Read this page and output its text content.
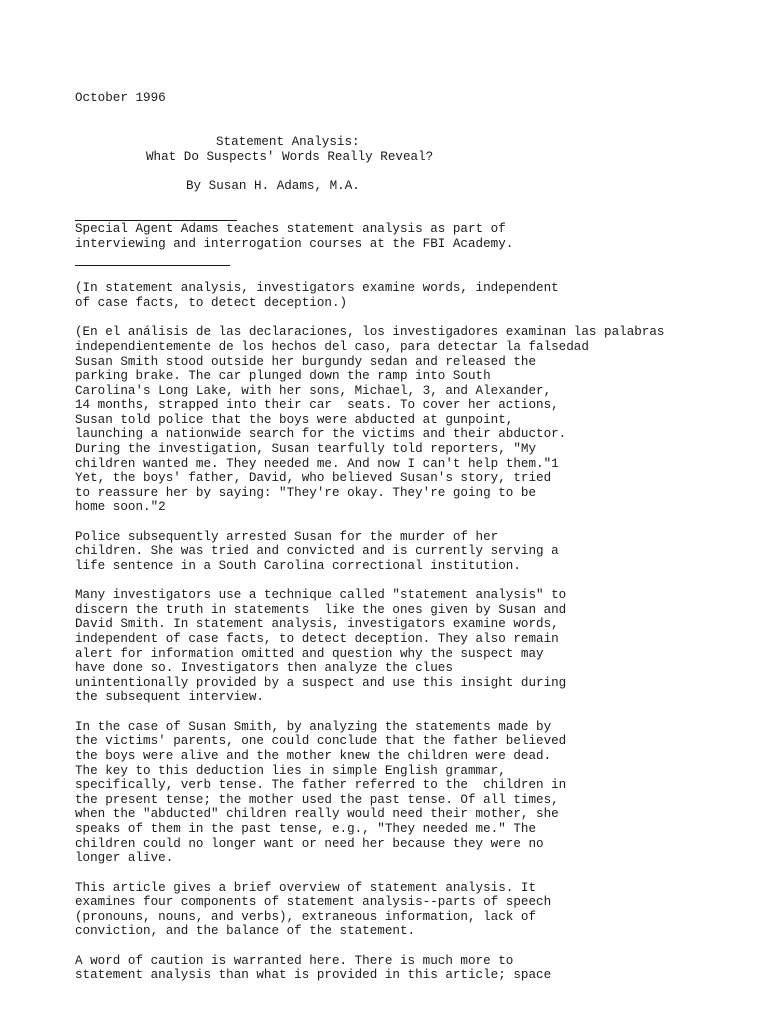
October 1996
Statement Analysis:
What Do Suspects' Words Really Reveal?
By Susan H. Adams, M.A.
Special Agent Adams teaches statement analysis as part of
interviewing and interrogation courses at the FBI Academy.
(In statement analysis, investigators examine words, independent
of case facts, to detect deception.)
(En el análisis de las declaraciones, los investigadores examinan las palabras
independientemente de los hechos del caso, para detectar la falsedad
Susan Smith stood outside her burgundy sedan and released the
parking brake. The car plunged down the ramp into South
Carolina's Long Lake, with her sons, Michael, 3, and Alexander,
14 months, strapped into their car  seats. To cover her actions,
Susan told police that the boys were abducted at gunpoint,
launching a nationwide search for the victims and their abductor.
During the investigation, Susan tearfully told reporters, "My
children wanted me. They needed me. And now I can't help them."1
Yet, the boys' father, David, who believed Susan's story, tried
to reassure her by saying: "They're okay. They're going to be
home soon."2
Police subsequently arrested Susan for the murder of her
children. She was tried and convicted and is currently serving a
life sentence in a South Carolina correctional institution.
Many investigators use a technique called "statement analysis" to
discern the truth in statements  like the ones given by Susan and
David Smith. In statement analysis, investigators examine words,
independent of case facts, to detect deception. They also remain
alert for information omitted and question why the suspect may
have done so. Investigators then analyze the clues
unintentionally provided by a suspect and use this insight during
the subsequent interview.
In the case of Susan Smith, by analyzing the statements made by
the victims' parents, one could conclude that the father believed
the boys were alive and the mother knew the children were dead.
The key to this deduction lies in simple English grammar,
specifically, verb tense. The father referred to the  children in
the present tense; the mother used the past tense. Of all times,
when the "abducted" children really would need their mother, she
speaks of them in the past tense, e.g., "They needed me." The
children could no longer want or need her because they were no
longer alive.
This article gives a brief overview of statement analysis. It
examines four components of statement analysis--parts of speech
(pronouns, nouns, and verbs), extraneous information, lack of
conviction, and the balance of the statement.
A word of caution is warranted here. There is much more to
statement analysis than what is provided in this article; space
